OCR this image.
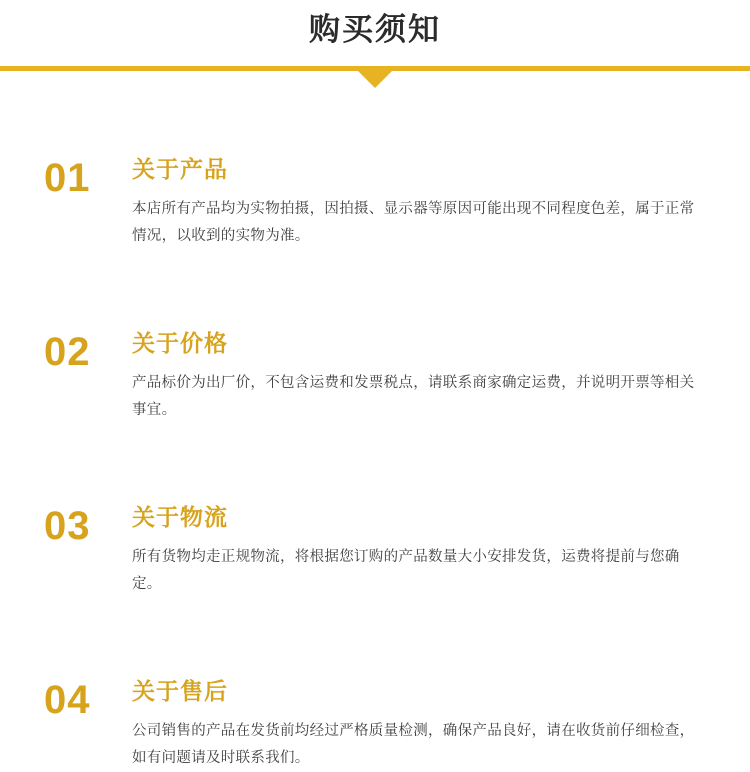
购买须知
01	关于产品
本店所有产品均为实物拍摄，因拍摄、显示器等原因可能出现不同程度色差，属于正常情况，以收到的实物为准。
02	关于价格
产品标价为出厂价，不包含运费和发票税点，请联系商家确定运费，并说明开票等相关事宜。
03	关于物流
所有货物均走正规物流，将根据您订购的产品数量大小安排发货，运费将提前与您确定。
04	关于售后
公司销售的产品在发货前均经过严格质量检测，确保产品良好，请在收货前仔细检查，如有问题请及时联系我们。
